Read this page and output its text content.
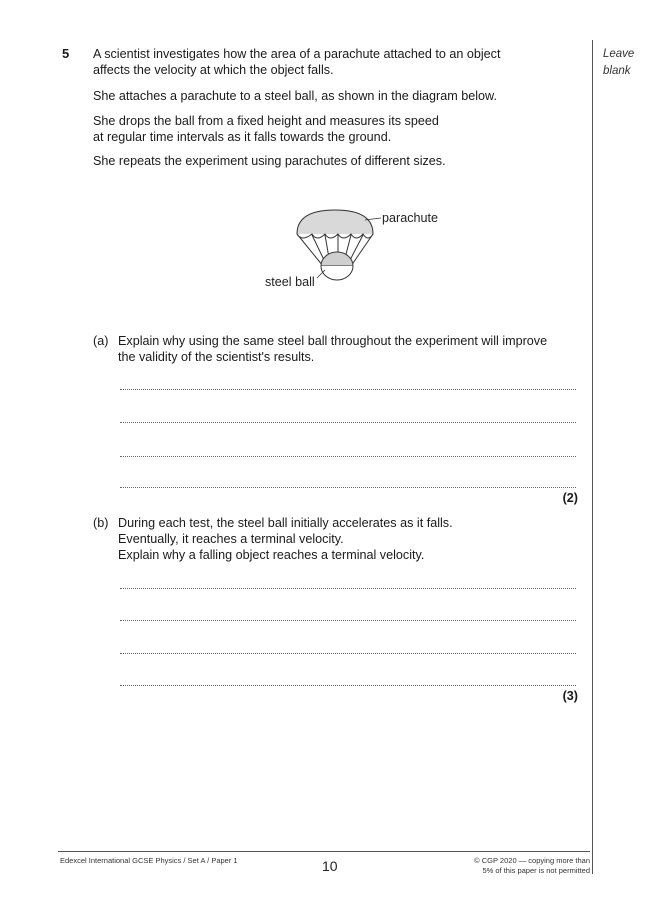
5 A scientist investigates how the area of a parachute attached to an object
affects the velocity at which the object falls.
She attaches a parachute to a steel ball, as shown in the diagram below.
She drops the ball from a fixed height and measures its speed
at regular time intervals as it falls towards the ground.
She repeats the experiment using parachutes of different sizes.
Leave
blank
parachute
steel ball
(a) Explain why using the same steel ball throughout the experiment will improve
the validity of the scientist's results.
(2)
(b) During each test, the steel ball initially accelerates as it falls.
Eventually, it reaches a terminal velocity.
Explain why a falling object reaches a terminal velocity.
(3)
Edexcel International GCSE Physics / Set A / Paper 1	10	© CGP 2020 — copying more than
5% of this paper is not permitted
